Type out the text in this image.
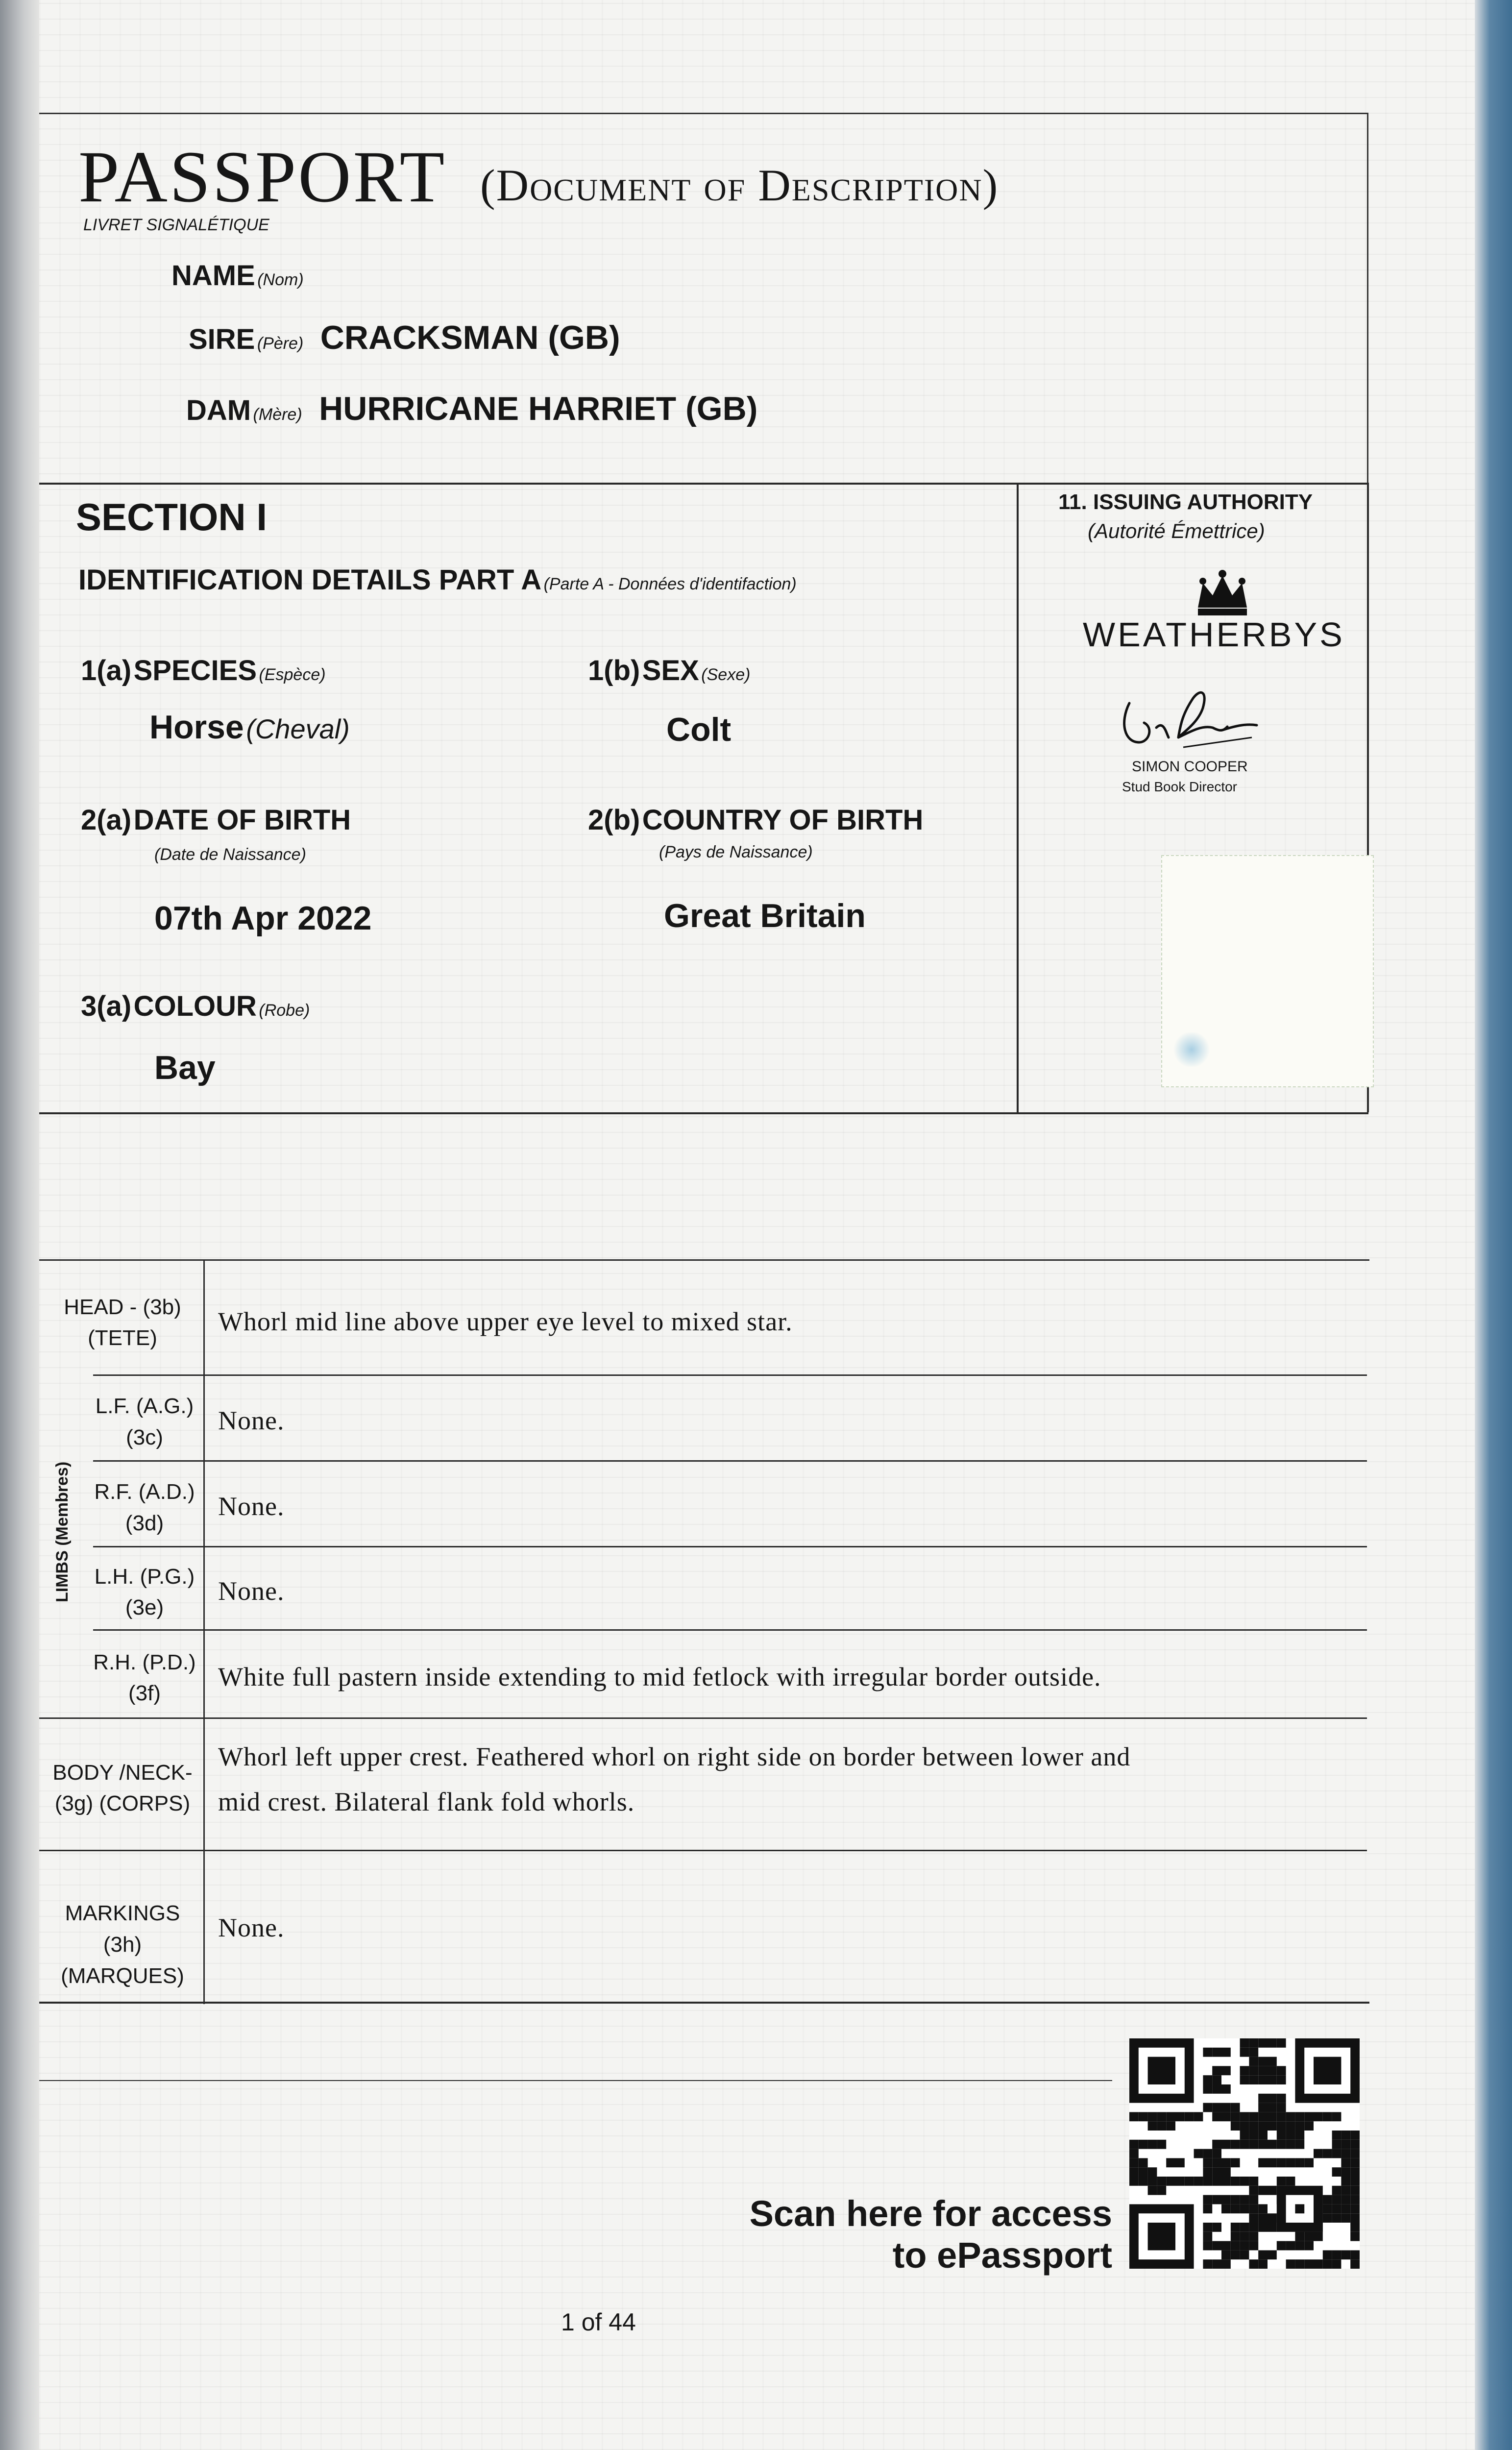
PASSPORT (Document of Description)
LIVRET SIGNALÉTIQUE
NAME (Nom)
SIRE (Père) CRACKSMAN (GB)
DAM (Mère) HURRICANE HARRIET (GB)
SECTION I
IDENTIFICATION DETAILS PART A (Parte A - Données d'identifaction)
1(a) SPECIES (Espèce)
Horse (Cheval)
1(b) SEX (Sexe)
Colt
2(a) DATE OF BIRTH
(Date de Naissance)
07th Apr 2022
2(b) COUNTRY OF BIRTH
(Pays de Naissance)
Great Britain
3(a) COLOUR (Robe)
Bay
11. ISSUING AUTHORITY
(Autorité Émettrice)
WEATHERBYS
SIMON COOPER
Stud Book Director
LIMBS (Membres)
HEAD - (3b)
(TETE)
Whorl mid line above upper eye level to mixed star.
L.F. (A.G.)
(3c)
None.
R.F. (A.D.)
(3d)
None.
L.H. (P.G.)
(3e)
None.
R.H. (P.D.)
(3f)
White full pastern inside extending to mid fetlock with irregular border outside.
BODY /NECK-
(3g) (CORPS)
Whorl left upper crest. Feathered whorl on right side on border between lower and mid crest. Bilateral flank fold whorls.
MARKINGS (3h)
(MARQUES)
None.
Scan here for access
to ePassport
1 of 44
